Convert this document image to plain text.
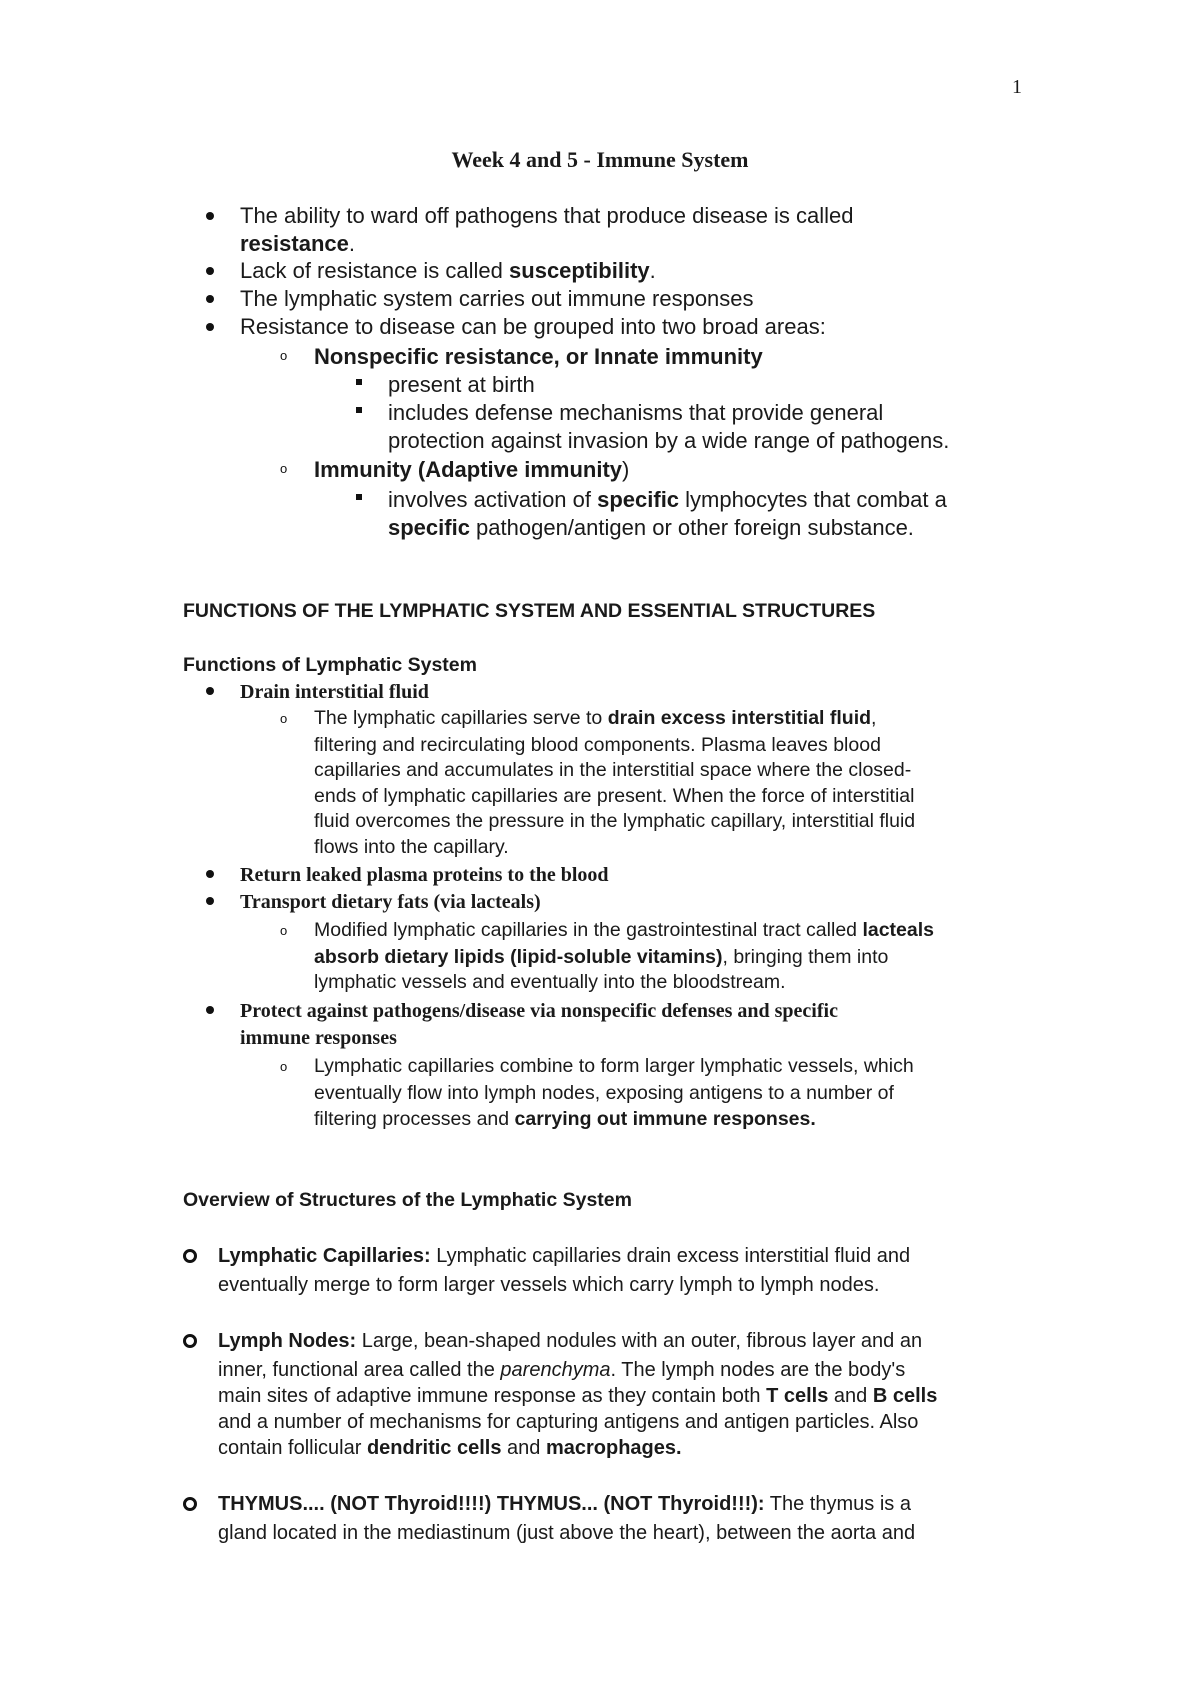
1
Week 4 and 5 - Immune System
The ability to ward off pathogens that produce disease is called
resistance.
Lack of resistance is called susceptibility.
The lymphatic system carries out immune responses
Resistance to disease can be grouped into two broad areas:
o Nonspecific resistance, or Innate immunity
present at birth
includes defense mechanisms that provide general
protection against invasion by a wide range of pathogens.
o Immunity (Adaptive immunity)
involves activation of specific lymphocytes that combat a
specific pathogen/antigen or other foreign substance.
FUNCTIONS OF THE LYMPHATIC SYSTEM AND ESSENTIAL STRUCTURES
Functions of Lymphatic System
Drain interstitial fluid
o The lymphatic capillaries serve to drain excess interstitial fluid,
filtering and recirculating blood components. Plasma leaves blood
capillaries and accumulates in the interstitial space where the closed-
ends of lymphatic capillaries are present. When the force of interstitial
fluid overcomes the pressure in the lymphatic capillary, interstitial fluid
flows into the capillary.
Return leaked plasma proteins to the blood
Transport dietary fats (via lacteals)
o Modified lymphatic capillaries in the gastrointestinal tract called lacteals
absorb dietary lipids (lipid-soluble vitamins), bringing them into
lymphatic vessels and eventually into the bloodstream.
Protect against pathogens/disease via nonspecific defenses and specific
immune responses
o Lymphatic capillaries combine to form larger lymphatic vessels, which
eventually flow into lymph nodes, exposing antigens to a number of
filtering processes and carrying out immune responses.
Overview of Structures of the Lymphatic System
Lymphatic Capillaries: Lymphatic capillaries drain excess interstitial fluid and
eventually merge to form larger vessels which carry lymph to lymph nodes.
Lymph Nodes: Large, bean-shaped nodules with an outer, fibrous layer and an
inner, functional area called the parenchyma. The lymph nodes are the body's
main sites of adaptive immune response as they contain both T cells and B cells
and a number of mechanisms for capturing antigens and antigen particles. Also
contain follicular dendritic cells and macrophages.
THYMUS.... (NOT Thyroid!!!!) THYMUS... (NOT Thyroid!!!): The thymus is a
gland located in the mediastinum (just above the heart), between the aorta and
